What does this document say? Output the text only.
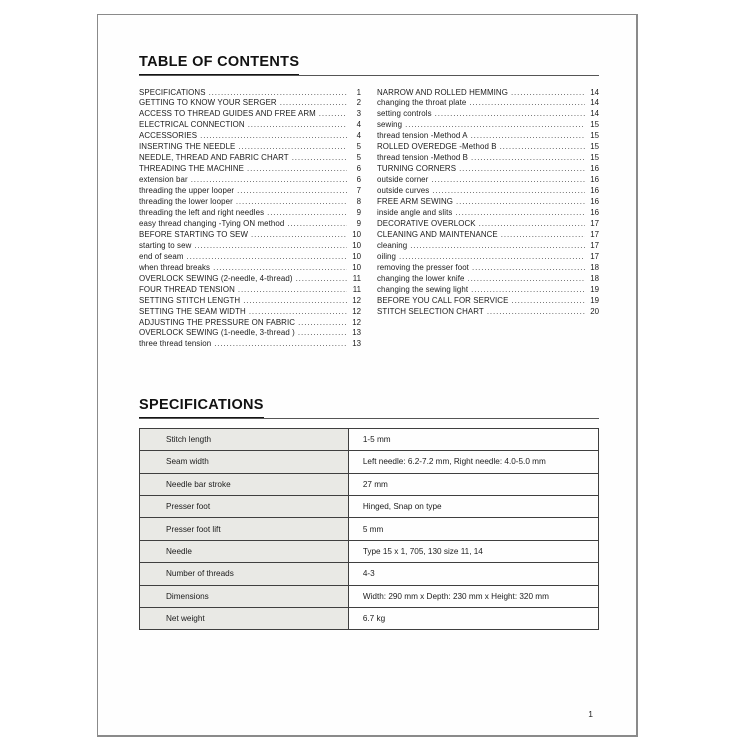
TABLE OF CONTENTS
SPECIFICATIONS .....	1
GETTING TO KNOW YOUR SERGER .....	2
ACCESS TO THREAD GUIDES AND FREE ARM .....	3
ELECTRICAL CONNECTION .....	4
ACCESSORIES .....	4
INSERTING THE NEEDLE .....	5
NEEDLE, THREAD AND FABRIC CHART .....	5
THREADING THE MACHINE .....	6
extension bar .....	6
threading the upper looper .....	7
threading the lower looper .....	8
threading the left and right needles .....	9
easy thread changing -Tying ON method .....	9
BEFORE STARTING TO SEW .....	10
starting to sew .....	10
end of seam .....	10
when thread breaks .....	10
OVERLOCK SEWING (2-needle, 4-thread) .....	11
FOUR THREAD TENSION .....	11
SETTING STITCH LENGTH .....	12
SETTING THE SEAM WIDTH .....	12
ADJUSTING THE PRESSURE ON FABRIC .....	12
OVERLOCK SEWING (1-needle, 3-thread ) .....	13
three thread tension .....	13
NARROW AND ROLLED HEMMING .....	14
changing the throat plate .....	14
setting controls .....	14
sewing .....	15
thread tension -Method A .....	15
ROLLED OVEREDGE -Method B .....	15
thread tension -Method B .....	15
TURNING CORNERS .....	16
outside corner .....	16
outside curves .....	16
FREE ARM SEWING .....	16
inside angle and slits .....	16
DECORATIVE OVERLOCK .....	17
CLEANING AND MAINTENANCE .....	17
cleaning .....	17
oiling .....	17
removing the presser foot .....	18
changing the lower knife .....	18
changing the sewing light .....	19
BEFORE YOU CALL FOR SERVICE .....	19
STITCH SELECTION CHART .....	20
SPECIFICATIONS
Stitch length	1-5 mm
Seam width	Left needle: 6.2-7.2 mm, Right needle: 4.0-5.0 mm
Needle bar stroke	27 mm
Presser foot	Hinged, Snap on type
Presser foot lift	5 mm
Needle	Type 15 x 1, 705, 130 size 11, 14
Number of threads	4-3
Dimensions	Width: 290 mm x Depth: 230 mm x Height: 320 mm
Net weight	6.7 kg
1
